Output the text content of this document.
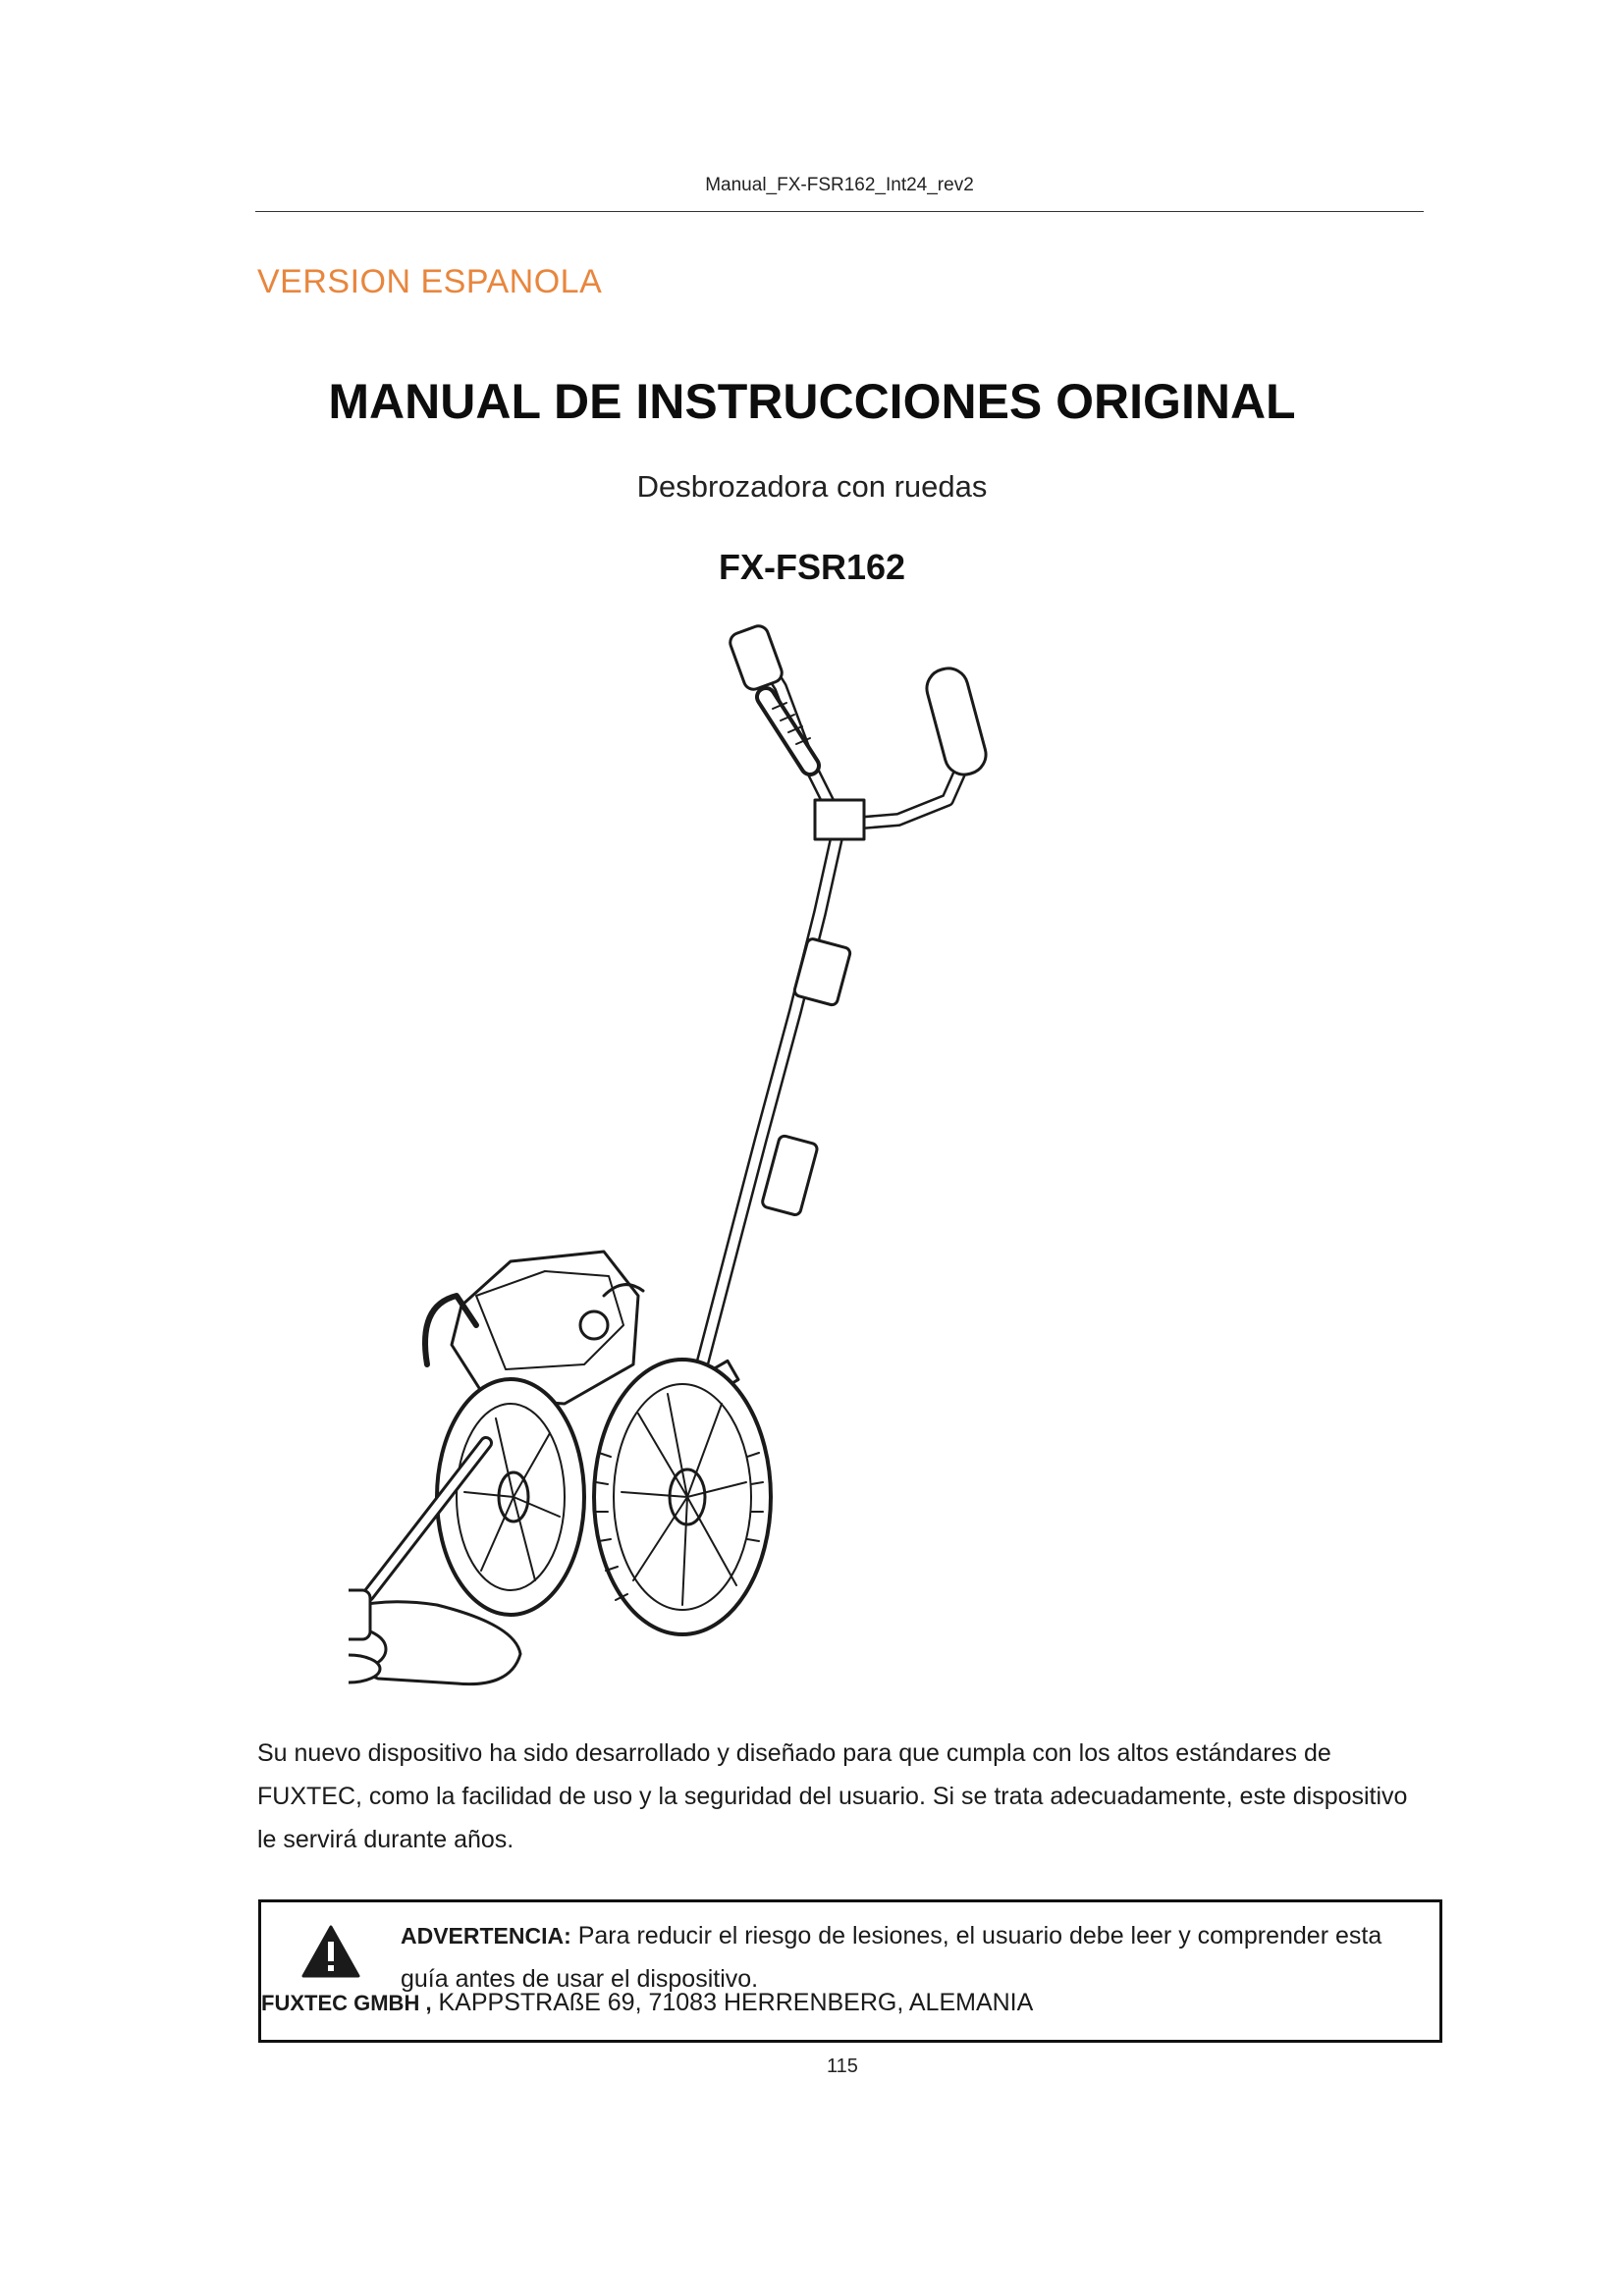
Manual_FX-FSR162_Int24_rev2
VERSION ESPANOLA
MANUAL DE INSTRUCCIONES ORIGINAL
Desbrozadora con ruedas
FX-FSR162
Su nuevo dispositivo ha sido desarrollado y diseñado para que cumpla con los altos estándares de FUXTEC, como la facilidad de uso y la seguridad del usuario. Si se trata adecuadamente, este dispositivo le servirá durante años.
ADVERTENCIA: Para reducir el riesgo de lesiones, el usuario debe leer y comprender esta guía antes de usar el dispositivo.
FUXTEC GMBH , KAPPSTRAßE 69, 71083 HERRENBERG, ALEMANIA
115
